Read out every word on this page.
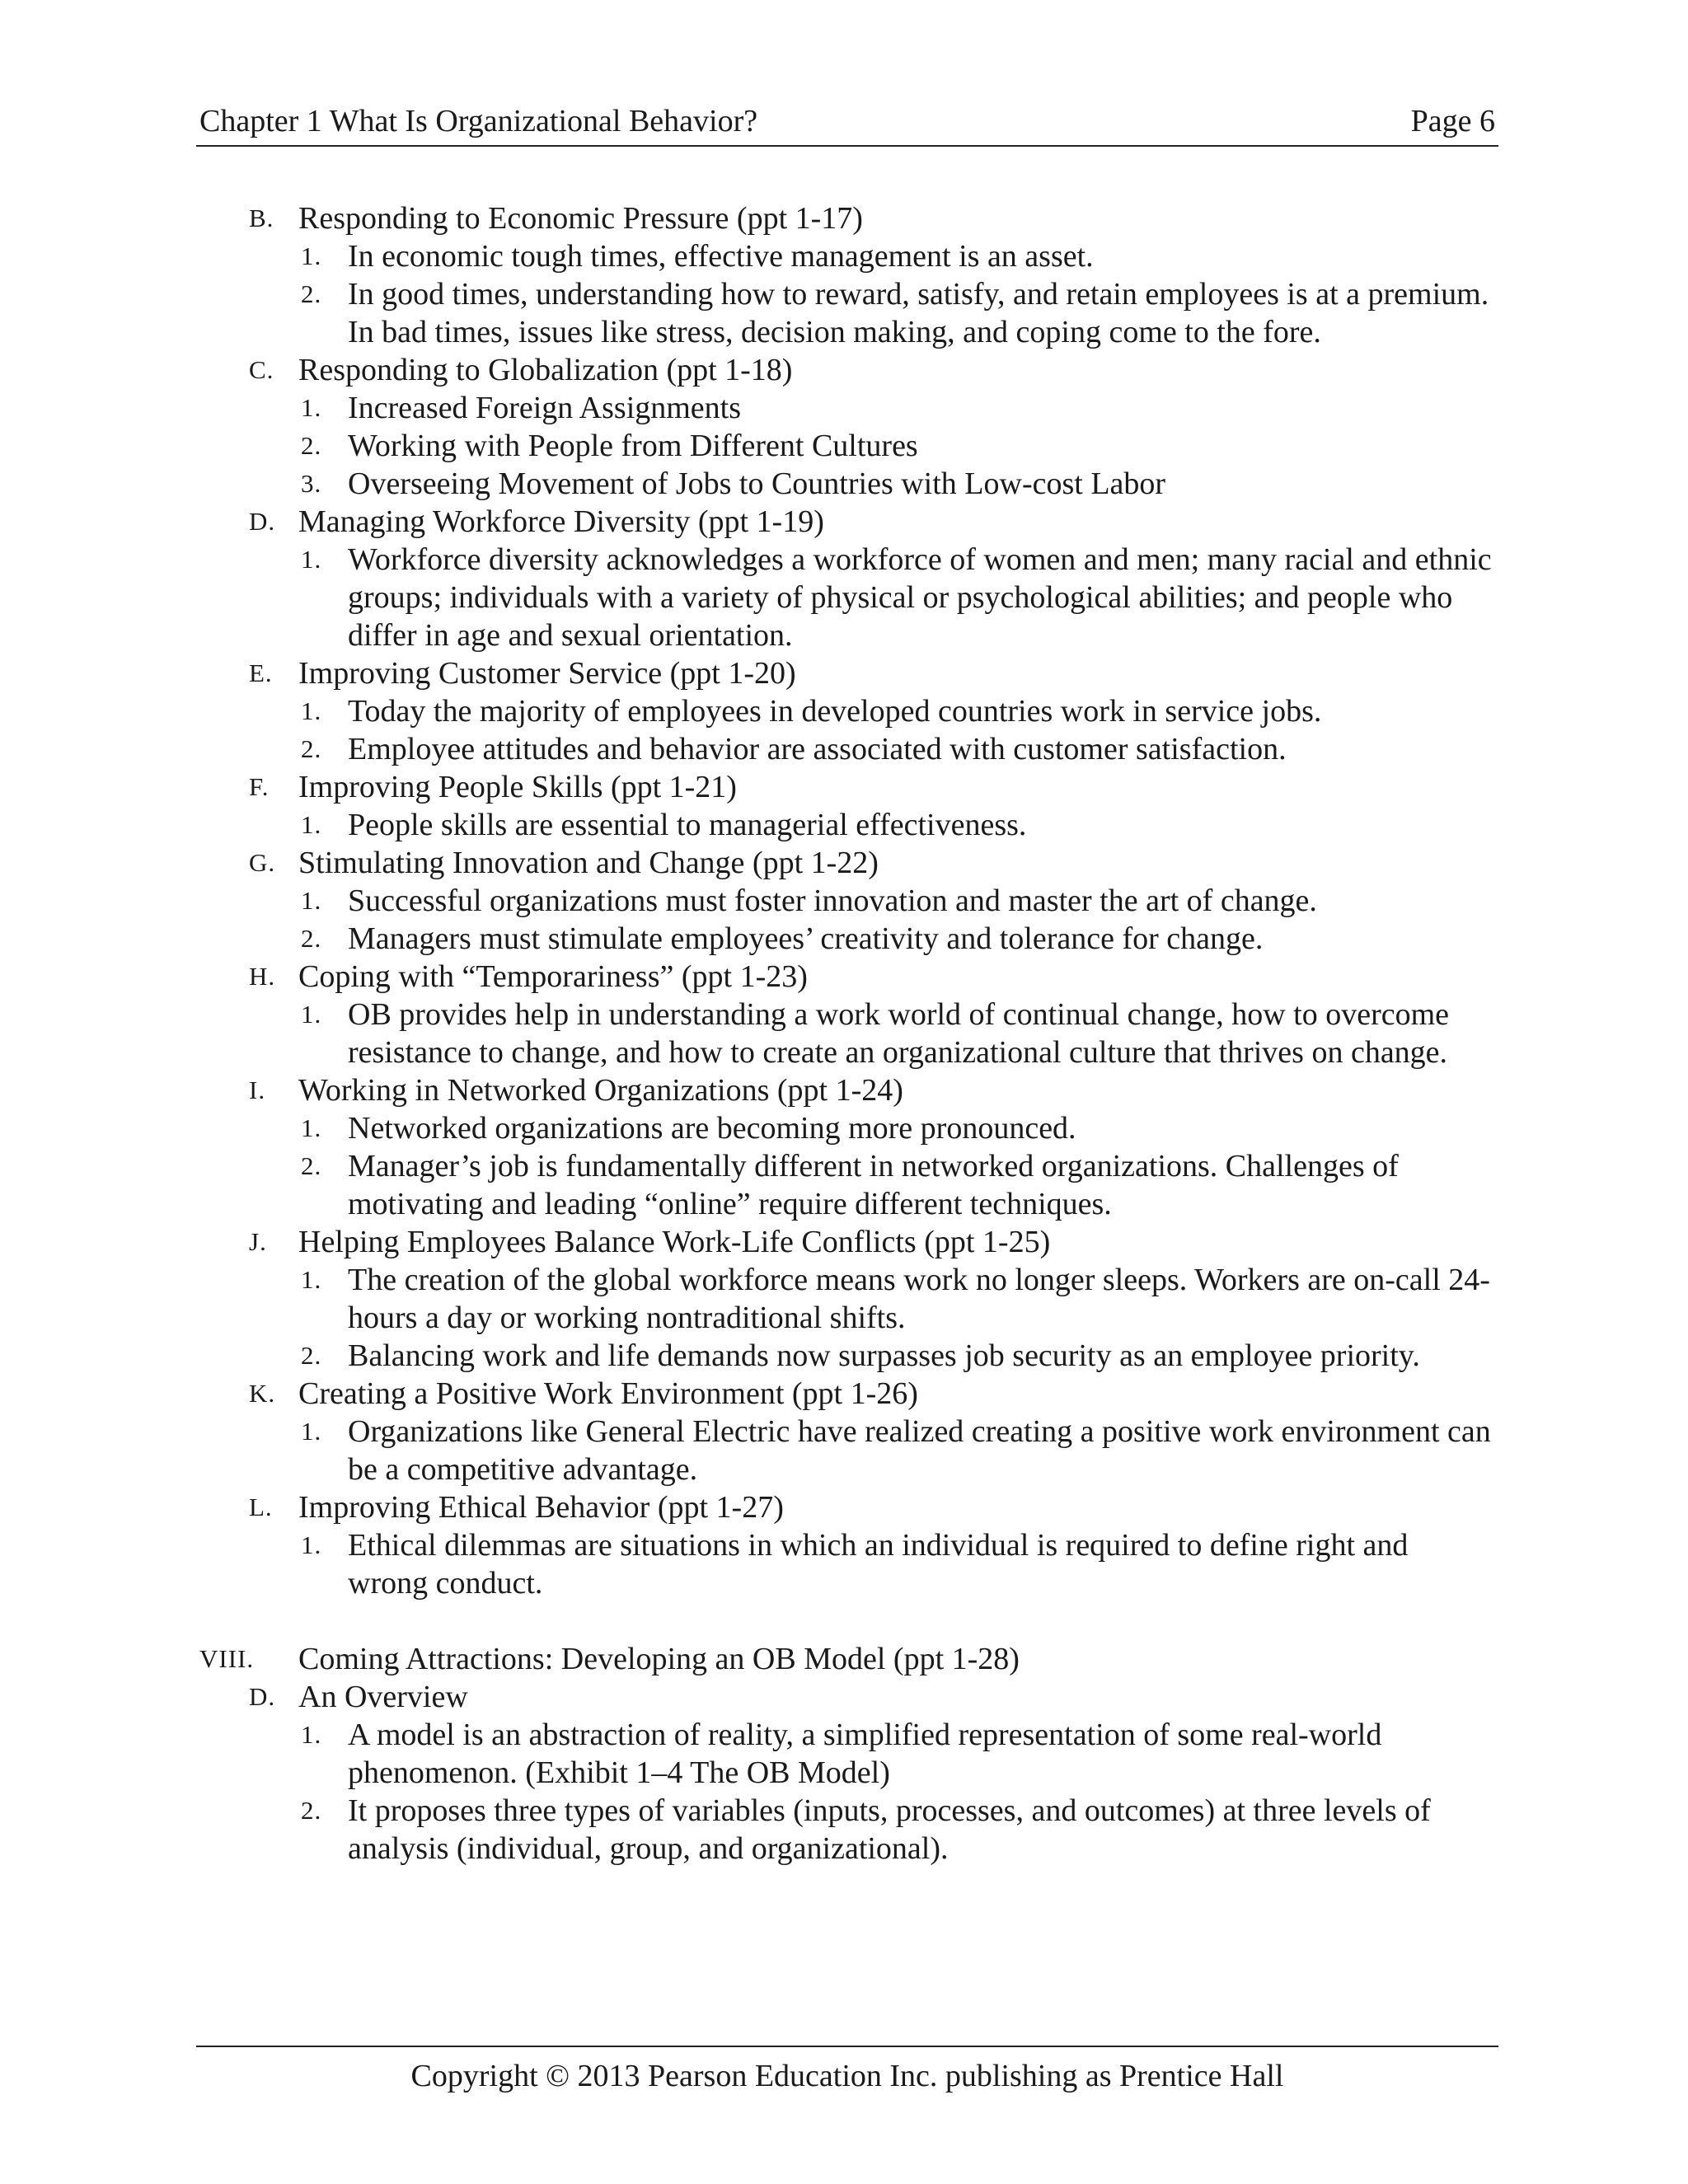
Chapter 1 What Is Organizational Behavior?	Page 6
B. Responding to Economic Pressure (ppt 1-17)
1. In economic tough times, effective management is an asset.
2. In good times, understanding how to reward, satisfy, and retain employees is at a premium. In bad times, issues like stress, decision making, and coping come to the fore.
C. Responding to Globalization (ppt 1-18)
1. Increased Foreign Assignments
2. Working with People from Different Cultures
3. Overseeing Movement of Jobs to Countries with Low-cost Labor
D. Managing Workforce Diversity (ppt 1-19)
1. Workforce diversity acknowledges a workforce of women and men; many racial and ethnic groups; individuals with a variety of physical or psychological abilities; and people who differ in age and sexual orientation.
E. Improving Customer Service (ppt 1-20)
1. Today the majority of employees in developed countries work in service jobs.
2. Employee attitudes and behavior are associated with customer satisfaction.
F. Improving People Skills (ppt 1-21)
1. People skills are essential to managerial effectiveness.
G. Stimulating Innovation and Change (ppt 1-22)
1. Successful organizations must foster innovation and master the art of change.
2. Managers must stimulate employees’ creativity and tolerance for change.
H. Coping with “Temporariness” (ppt 1-23)
1. OB provides help in understanding a work world of continual change, how to overcome resistance to change, and how to create an organizational culture that thrives on change.
I. Working in Networked Organizations (ppt 1-24)
1. Networked organizations are becoming more pronounced.
2. Manager’s job is fundamentally different in networked organizations. Challenges of motivating and leading “online” require different techniques.
J. Helping Employees Balance Work-Life Conflicts (ppt 1-25)
1. The creation of the global workforce means work no longer sleeps. Workers are on-call 24-hours a day or working nontraditional shifts.
2. Balancing work and life demands now surpasses job security as an employee priority.
K. Creating a Positive Work Environment (ppt 1-26)
1. Organizations like General Electric have realized creating a positive work environment can be a competitive advantage.
L. Improving Ethical Behavior (ppt 1-27)
1. Ethical dilemmas are situations in which an individual is required to define right and wrong conduct.
VIII. Coming Attractions: Developing an OB Model (ppt 1-28)
D. An Overview
1. A model is an abstraction of reality, a simplified representation of some real-world phenomenon. (Exhibit 1–4 The OB Model)
2. It proposes three types of variables (inputs, processes, and outcomes) at three levels of analysis (individual, group, and organizational).
Copyright © 2013 Pearson Education Inc. publishing as Prentice Hall
